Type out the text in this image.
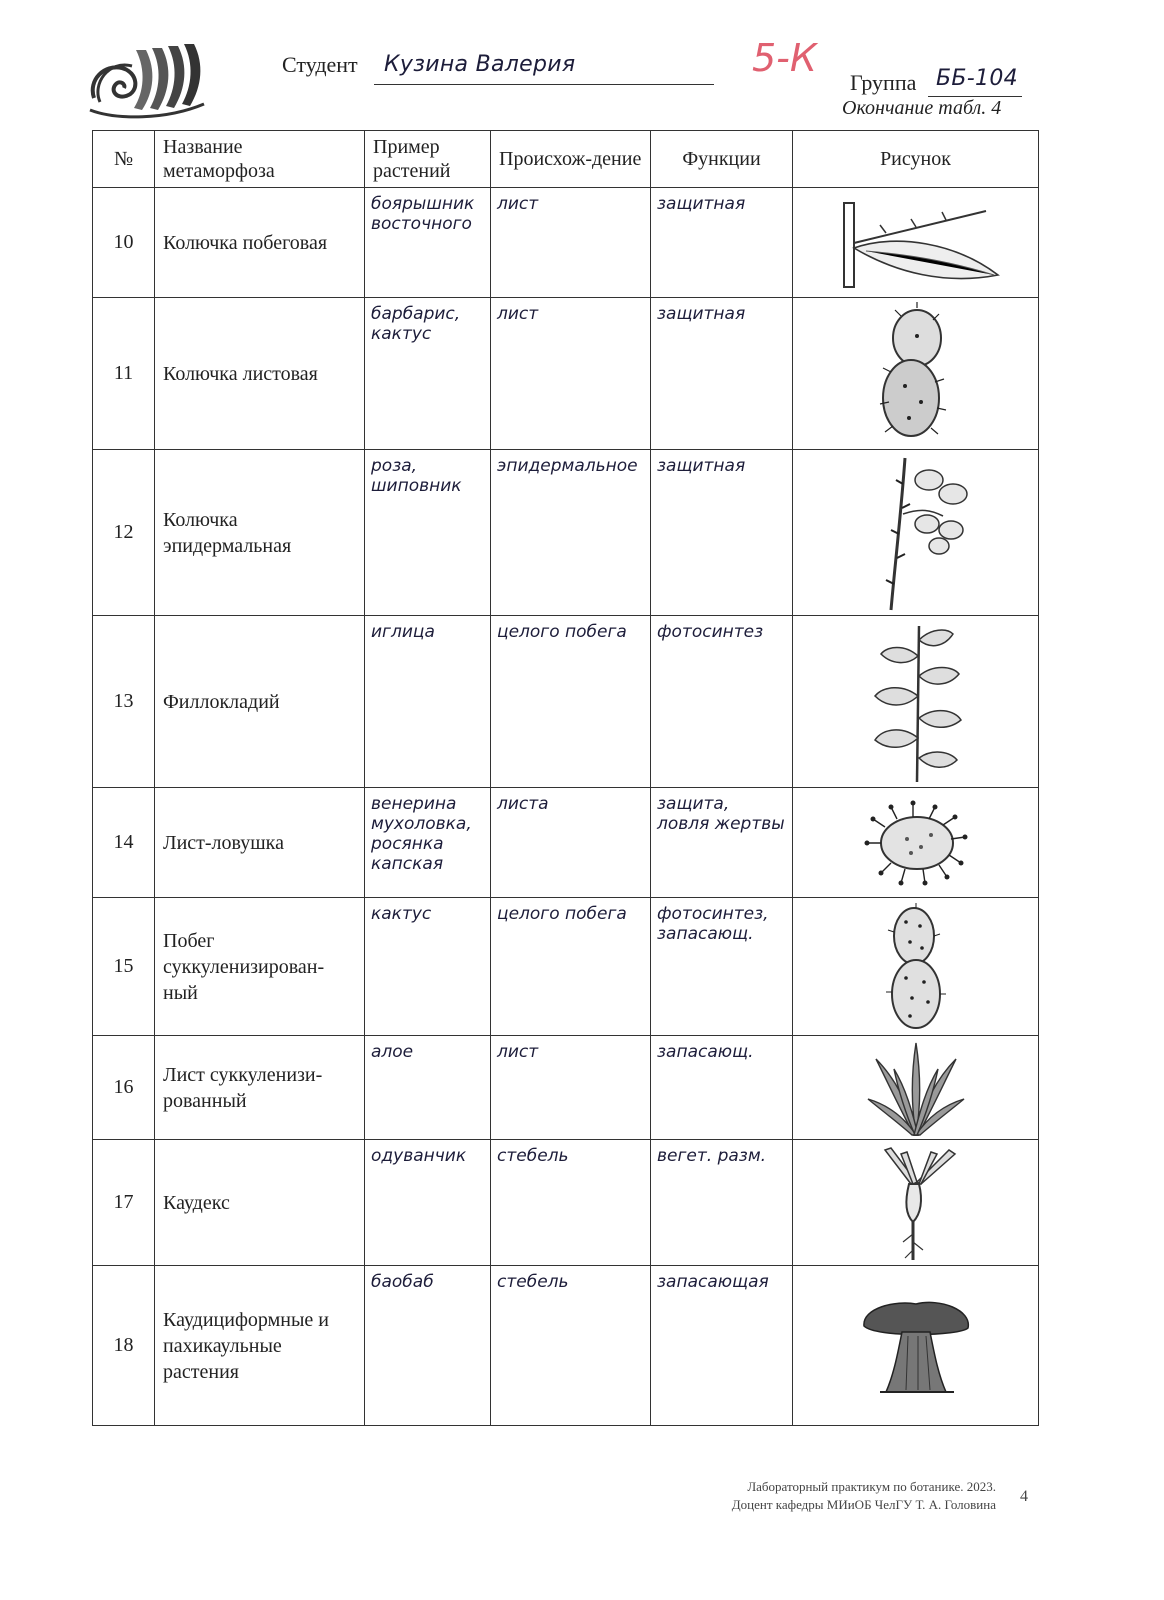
Студент Кузина Валерия	5-К
Группа ББ-104
Окончание табл. 4
№	Название метаморфоза	Пример растений	Происхож-дение	Функции	Рисунок
10	Колючка побеговая	боярышник восточного	лист	защитная	

11	Колючка листовая	барбарис, кактус	лист	защитная	

12	Колючка эпидермальная	роза, шиповник	эпидермальное	защитная	

13	Филлокладий	иглица	целого побега	фотосинтез	

14	Лист-ловушка	венерина мухоловка, росянка капская	листа	защита, ловля жертвы	

15	Побег суккуленизирован-ный	кактус	целого побега	фотосинтез, запасающ.	

16	Лист суккуленизи-рованный	алое	лист	запасающ.	

17	Каудекс	одуванчик	стебель	вегет. разм.	

18	Каудициформные и пахикаульные растения	баобаб	стебель	запасающая	
Лабораторный практикум по ботанике. 2023.
Доцент кафедры МИиОБ ЧелГУ Т. А. Головина 4
